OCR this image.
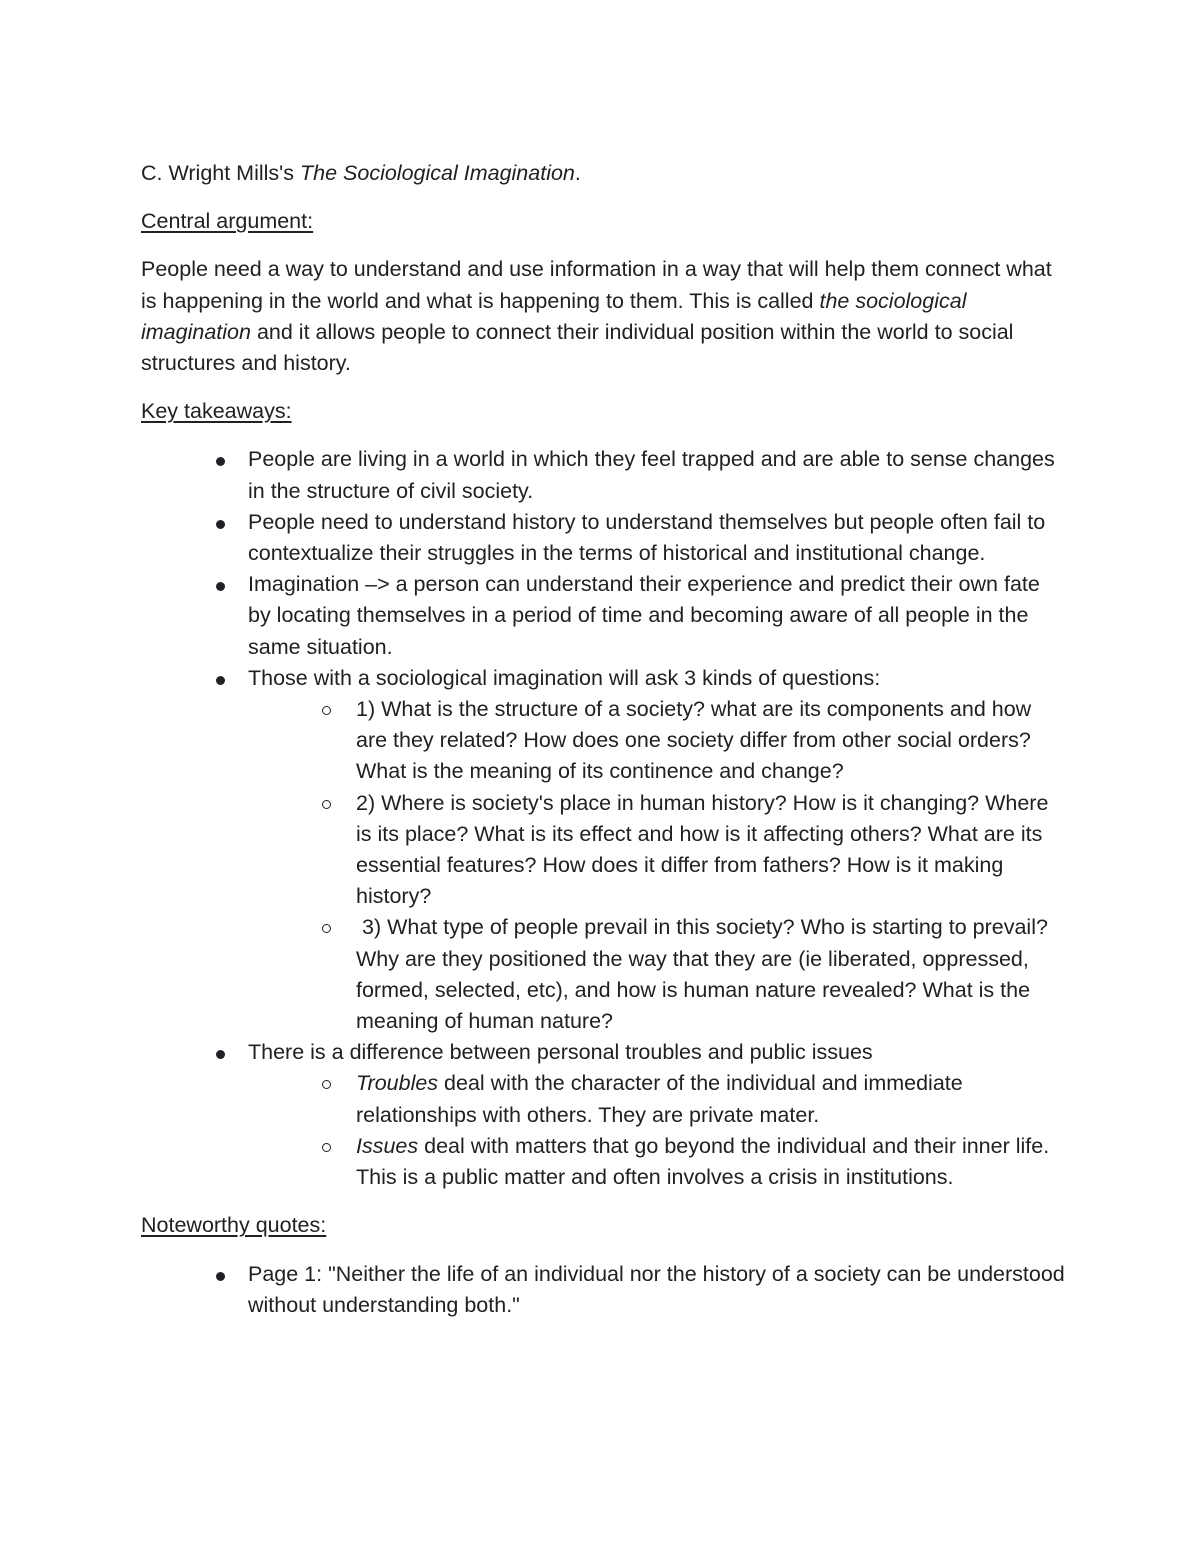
C. Wright Mills's The Sociological Imagination.
Central argument:
People need a way to understand and use information in a way that will help them connect what is happening in the world and what is happening to them. This is called the sociological imagination and it allows people to connect their individual position within the world to social structures and history.
Key takeaways:
People are living in a world in which they feel trapped and are able to sense changes in the structure of civil society.
People need to understand history to understand themselves but people often fail to contextualize their struggles in the terms of historical and institutional change.
Imagination –> a person can understand their experience and predict their own fate by locating themselves in a period of time and becoming aware of all people in the same situation.
Those with a sociological imagination will ask 3 kinds of questions:
1) What is the structure of a society? what are its components and how are they related? How does one society differ from other social orders? What is the meaning of its continence and change?
2) Where is society's place in human history? How is it changing? Where is its place? What is its effect and how is it affecting others? What are its essential features? How does it differ from fathers? How is it making history?
3) What type of people prevail in this society? Who is starting to prevail? Why are they positioned the way that they are (ie liberated, oppressed, formed, selected, etc), and how is human nature revealed? What is the meaning of human nature?
There is a difference between personal troubles and public issues
Troubles deal with the character of the individual and immediate relationships with others. They are private mater.
Issues deal with matters that go beyond the individual and their inner life. This is a public matter and often involves a crisis in institutions.
Noteworthy quotes:
Page 1: "Neither the life of an individual nor the history of a society can be understood without understanding both."
